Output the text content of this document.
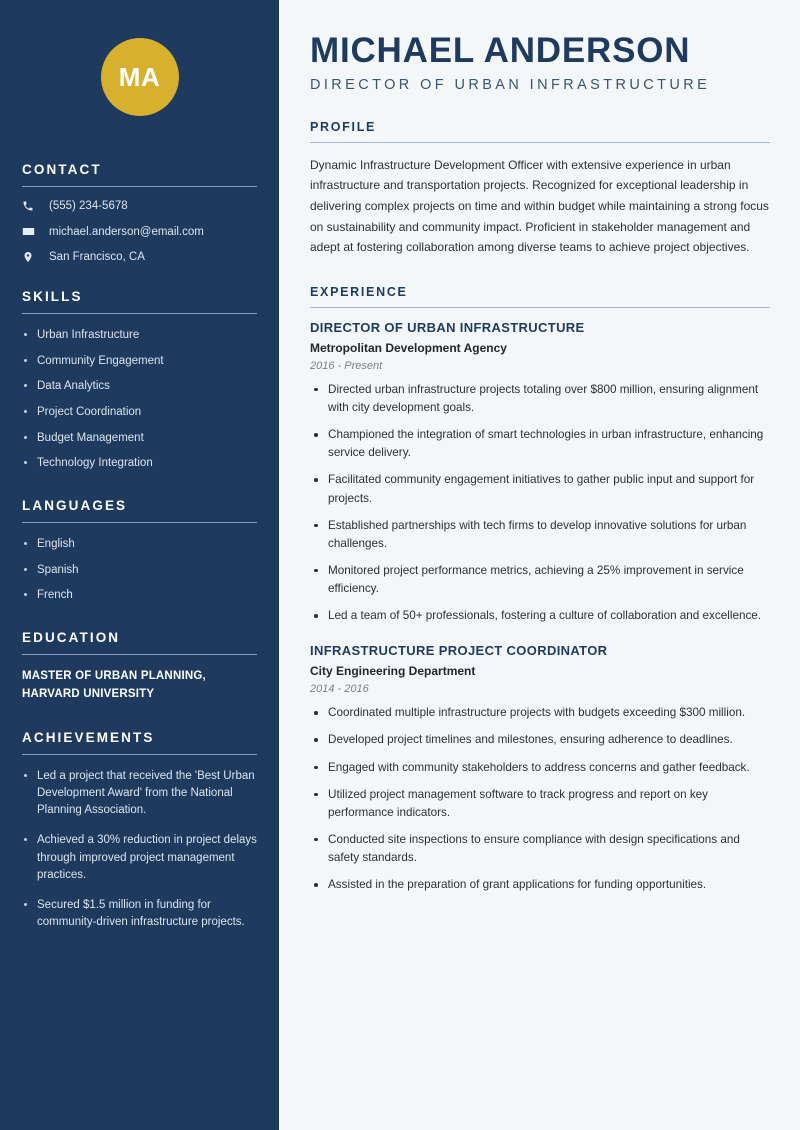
MA
CONTACT
(555) 234-5678
michael.anderson@email.com
San Francisco, CA
SKILLS
Urban Infrastructure
Community Engagement
Data Analytics
Project Coordination
Budget Management
Technology Integration
LANGUAGES
English
Spanish
French
EDUCATION
MASTER OF URBAN PLANNING, HARVARD UNIVERSITY
ACHIEVEMENTS
Led a project that received the 'Best Urban Development Award' from the National Planning Association.
Achieved a 30% reduction in project delays through improved project management practices.
Secured $1.5 million in funding for community-driven infrastructure projects.
MICHAEL ANDERSON
DIRECTOR OF URBAN INFRASTRUCTURE
PROFILE

Dynamic Infrastructure Development Officer with extensive experience in urban infrastructure and transportation projects. Recognized for exceptional leadership in delivering complex projects on time and within budget while maintaining a strong focus on sustainability and community impact. Proficient in stakeholder management and adept at fostering collaboration among diverse teams to achieve project objectives.

EXPERIENCE
DIRECTOR OF URBAN INFRASTRUCTURE
Metropolitan Development Agency
2016 - Present
Directed urban infrastructure projects totaling over $800 million, ensuring alignment with city development goals.
Championed the integration of smart technologies in urban infrastructure, enhancing service delivery.
Facilitated community engagement initiatives to gather public input and support for projects.
Established partnerships with tech firms to develop innovative solutions for urban challenges.
Monitored project performance metrics, achieving a 25% improvement in service efficiency.
Led a team of 50+ professionals, fostering a culture of collaboration and excellence.
INFRASTRUCTURE PROJECT COORDINATOR
City Engineering Department
2014 - 2016
Coordinated multiple infrastructure projects with budgets exceeding $300 million.
Developed project timelines and milestones, ensuring adherence to deadlines.
Engaged with community stakeholders to address concerns and gather feedback.
Utilized project management software to track progress and report on key performance indicators.
Conducted site inspections to ensure compliance with design specifications and safety standards.
Assisted in the preparation of grant applications for funding opportunities.
